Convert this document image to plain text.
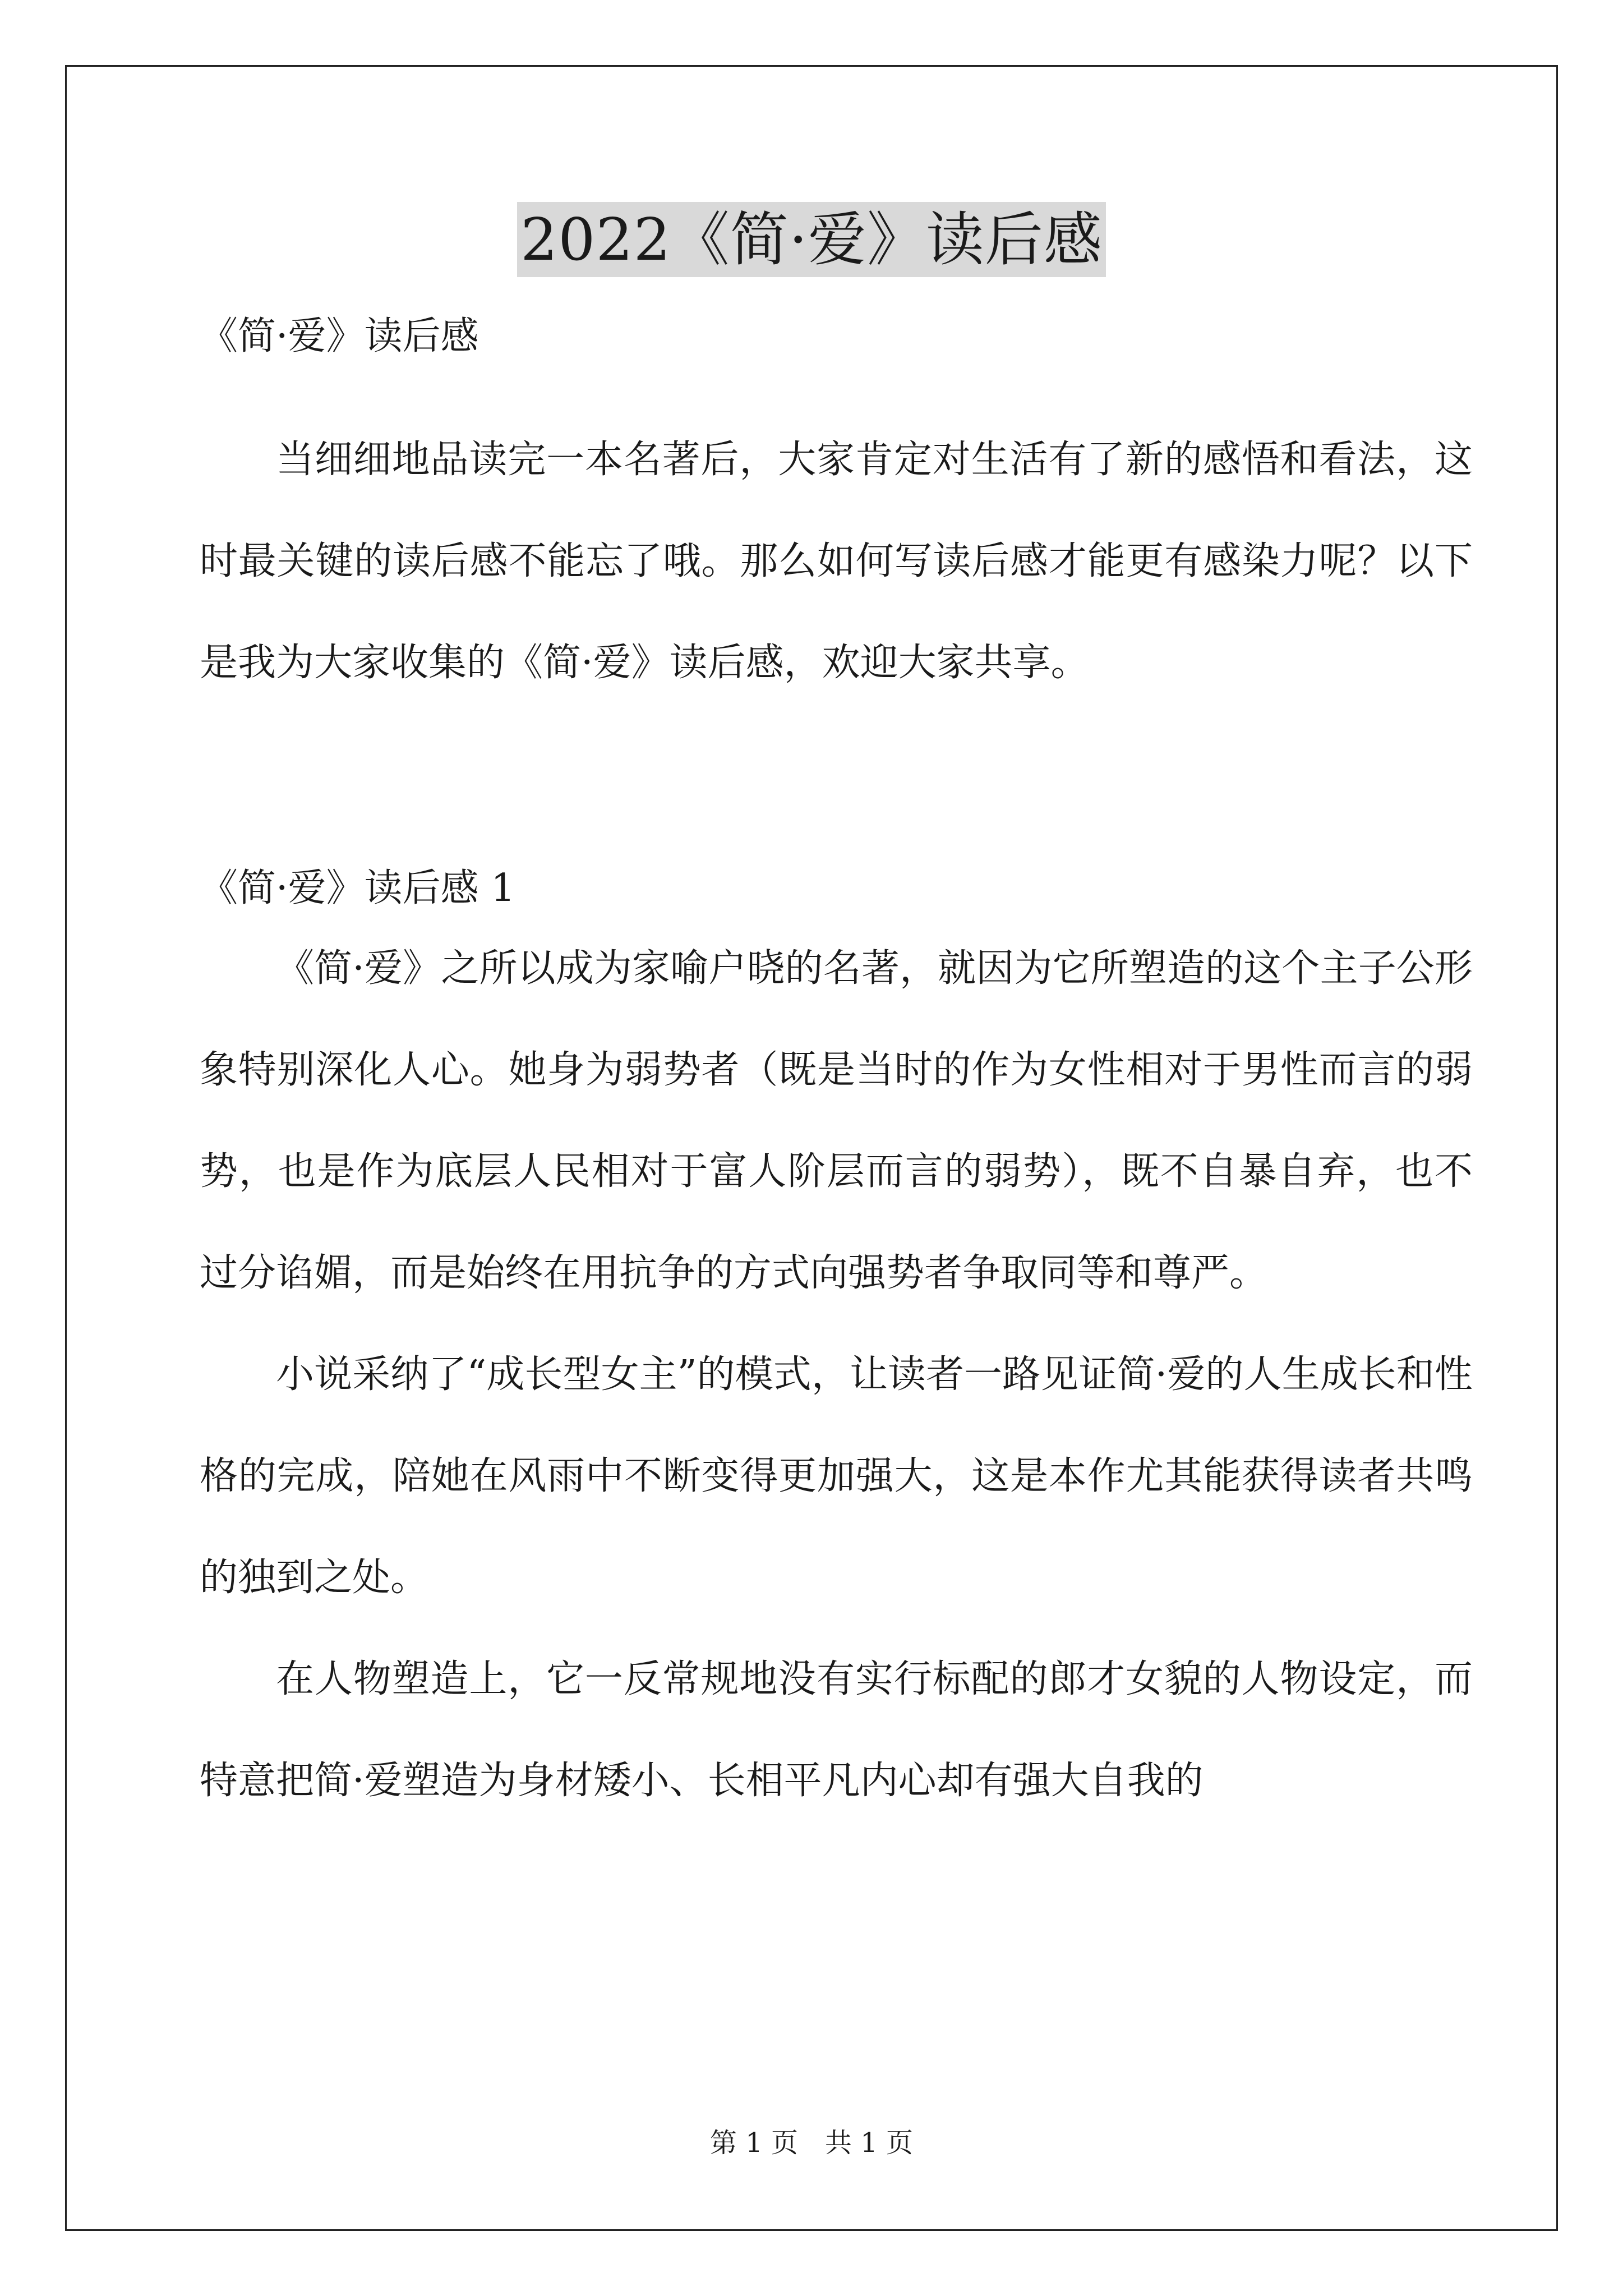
2022《简·爱》读后感

《简·爱》读后感

当细细地品读完一本名著后，大家肯定对生活有了新的感悟和看法，这时最关键的读后感不能忘了哦。那么如何写读后感才能更有感染力呢？以下是我为大家收集的《简·爱》读后感，欢迎大家共享。

《简·爱》读后感 1

《简·爱》之所以成为家喻户晓的名著，就因为它所塑造的这个主子公形象特别深化人心。她身为弱势者（既是当时的作为女性相对于男性而言的弱势，也是作为底层人民相对于富人阶层而言的弱势），既不自暴自弃，也不过分谄媚，而是始终在用抗争的方式向强势者争取同等和尊严。

小说采纳了“成长型女主”的模式，让读者一路见证简·爱的人生成长和性格的完成，陪她在风雨中不断变得更加强大，这是本作尤其能获得读者共鸣的独到之处。

在人物塑造上，它一反常规地没有实行标配的郎才女貌的人物设定，而特意把简·爱塑造为身材矮小、长相平凡内心却有强大自我的

第 1 页 共 1 页
